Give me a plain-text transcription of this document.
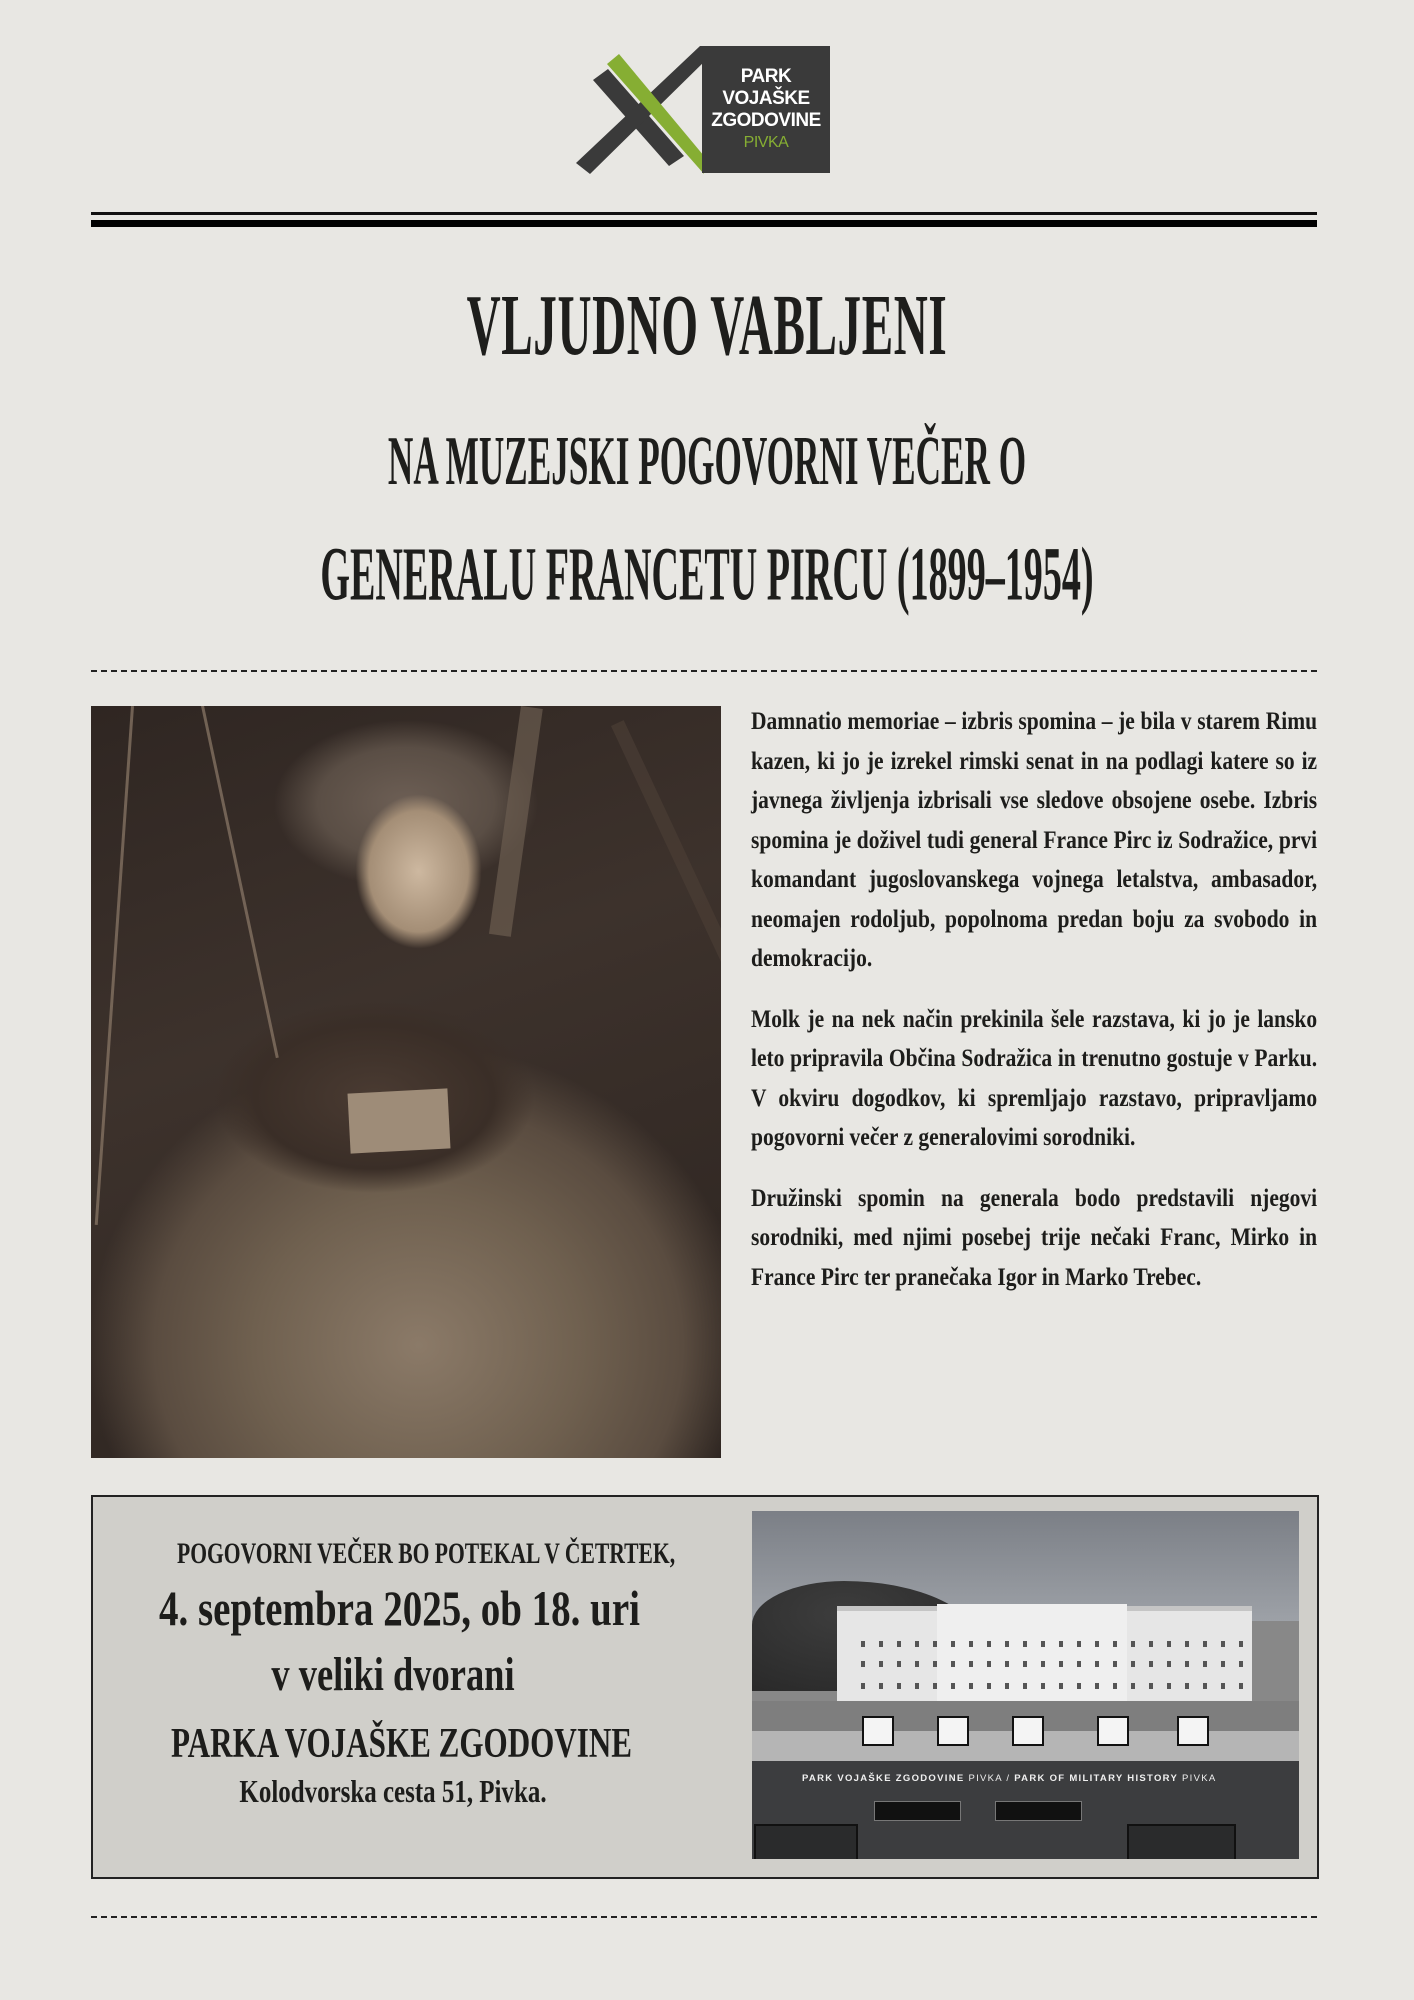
PARK
VOJAŠKE
ZGODOVINE
PIVKA
VLJUDNO VABLJENI
NA MUZEJSKI POGOVORNI VEČER O
GENERALU FRANCETU PIRCU (1899–1954)

Damnatio memoriae – izbris spomina – je bila v starem Rimu kazen, ki jo je izrekel rimski senat in na podlagi katere so iz javnega življenja izbrisali vse sledove obsojene osebe. Izbris spomina je doživel tudi general France Pirc iz Sodražice, prvi komandant jugoslovanskega vojnega letalstva, ambasador, neomajen rodoljub, popolnoma predan boju za svobodo in demokracijo.

Molk je na nek način prekinila šele razstava, ki jo je lansko leto pripravila Občina Sodražica in trenutno gostuje v Parku. V okviru dogodkov, ki spremljajo razstavo, pripravljamo pogovorni večer z generalovimi sorodniki.

Družinski spomin na generala bodo predstavili njegovi sorodniki, med njimi posebej trije nečaki Franc, Mirko in France Pirc ter pranečaka Igor in Marko Trebec.

POGOVORNI VEČER BO POTEKAL V ČETRTEK,
4. septembra 2025, ob 18. uri
v veliki dvorani
PARKA VOJAŠKE ZGODOVINE
Kolodvorska cesta 51, Pivka.	PARK VOJAŠKE ZGODOVINE PIVKA / PARK OF MILITARY HISTORY PIVKA
